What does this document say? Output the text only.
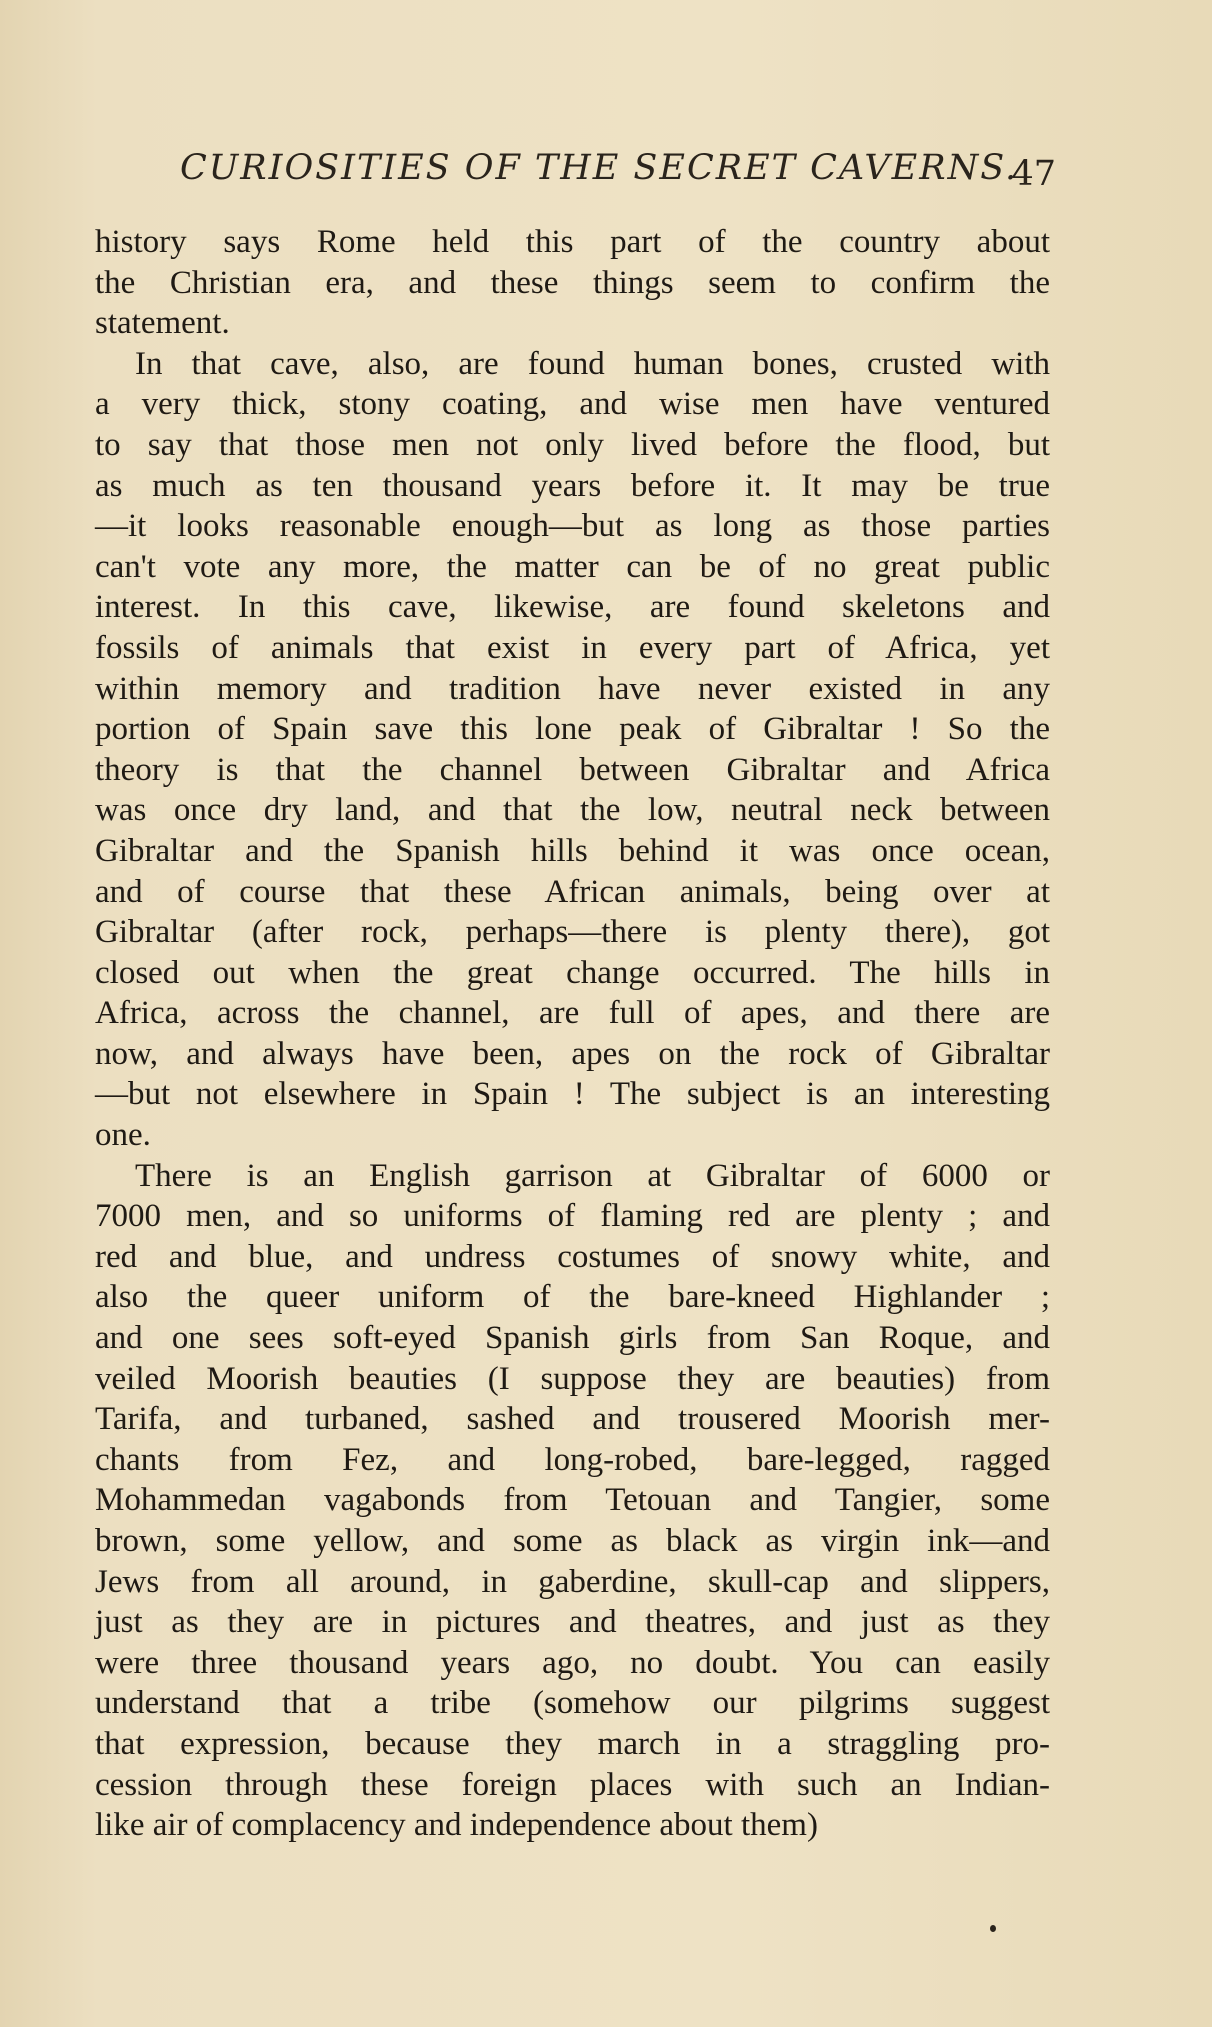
CURIOSITIES OF THE SECRET CAVERNS.
47
history says Rome held this part of the country about
the Christian era, and these things seem to confirm the
statement.
In that cave, also, are found human bones, crusted with
a very thick, stony coating, and wise men have ventured
to say that those men not only lived before the flood, but
as much as ten thousand years before it. It may be true
—it looks reasonable enough—but as long as those parties
can't vote any more, the matter can be of no great public
interest. In this cave, likewise, are found skeletons and
fossils of animals that exist in every part of Africa, yet
within memory and tradition have never existed in any
portion of Spain save this lone peak of Gibraltar ! So the
theory is that the channel between Gibraltar and Africa
was once dry land, and that the low, neutral neck between
Gibraltar and the Spanish hills behind it was once ocean,
and of course that these African animals, being over at
Gibraltar (after rock, perhaps—there is plenty there), got
closed out when the great change occurred. The hills in
Africa, across the channel, are full of apes, and there are
now, and always have been, apes on the rock of Gibraltar
—but not elsewhere in Spain ! The subject is an interesting
one.
There is an English garrison at Gibraltar of 6000 or
7000 men, and so uniforms of flaming red are plenty ; and
red and blue, and undress costumes of snowy white, and
also the queer uniform of the bare-kneed Highlander ;
and one sees soft-eyed Spanish girls from San Roque, and
veiled Moorish beauties (I suppose they are beauties) from
Tarifa, and turbaned, sashed and trousered Moorish mer-
chants from Fez, and long-robed, bare-legged, ragged
Mohammedan vagabonds from Tetouan and Tangier, some
brown, some yellow, and some as black as virgin ink—and
Jews from all around, in gaberdine, skull-cap and slippers,
just as they are in pictures and theatres, and just as they
were three thousand years ago, no doubt. You can easily
understand that a tribe (somehow our pilgrims suggest
that expression, because they march in a straggling pro-
cession through these foreign places with such an Indian-
like air of complacency and independence about them)
